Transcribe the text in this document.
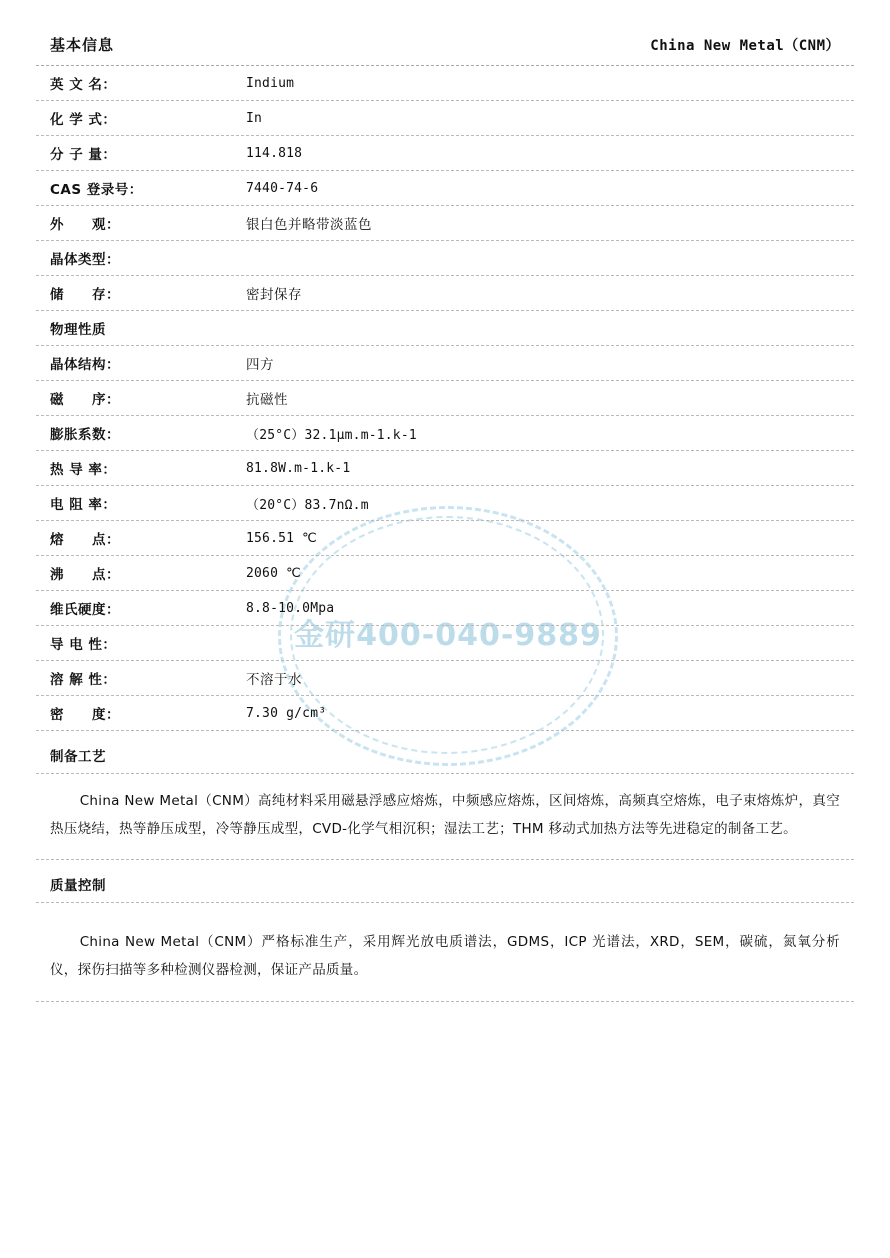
金研400-040-9889
基本信息	China New Metal（CNM）
英 文 名：	Indium
化 学 式：	In
分 子 量：	114.818
CAS 登录号：	7440-74-6
外　　观：	银白色并略带淡蓝色
晶体类型：
储　　存：	密封保存
物理性质
晶体结构：	四方
磁　　序：	抗磁性
膨胀系数：	（25°C）32.1μm.m-1.k-1
热 导 率：	81.8W.m-1.k-1
电 阻 率：	（20°C）83.7nΩ.m
熔　　点：	156.51 ℃
沸　　点：	2060 ℃
维氏硬度：	8.8-10.0Mpa
导 电 性：
溶 解 性：	不溶于水
密　　度：	7.30 g/cm³
制备工艺
China New Metal（CNM）高纯材料采用磁悬浮感应熔炼，中频感应熔炼，区间熔炼，高频真空熔炼，电子束熔炼炉，真空热压烧结，热等静压成型，冷等静压成型，CVD-化学气相沉积；湿法工艺；THM 移动式加热方法等先进稳定的制备工艺。
质量控制
China New Metal（CNM）严格标准生产，采用辉光放电质谱法，GDMS，ICP 光谱法，XRD，SEM，碳硫，氮氧分析仪，探伤扫描等多种检测仪器检测，保证产品质量。
